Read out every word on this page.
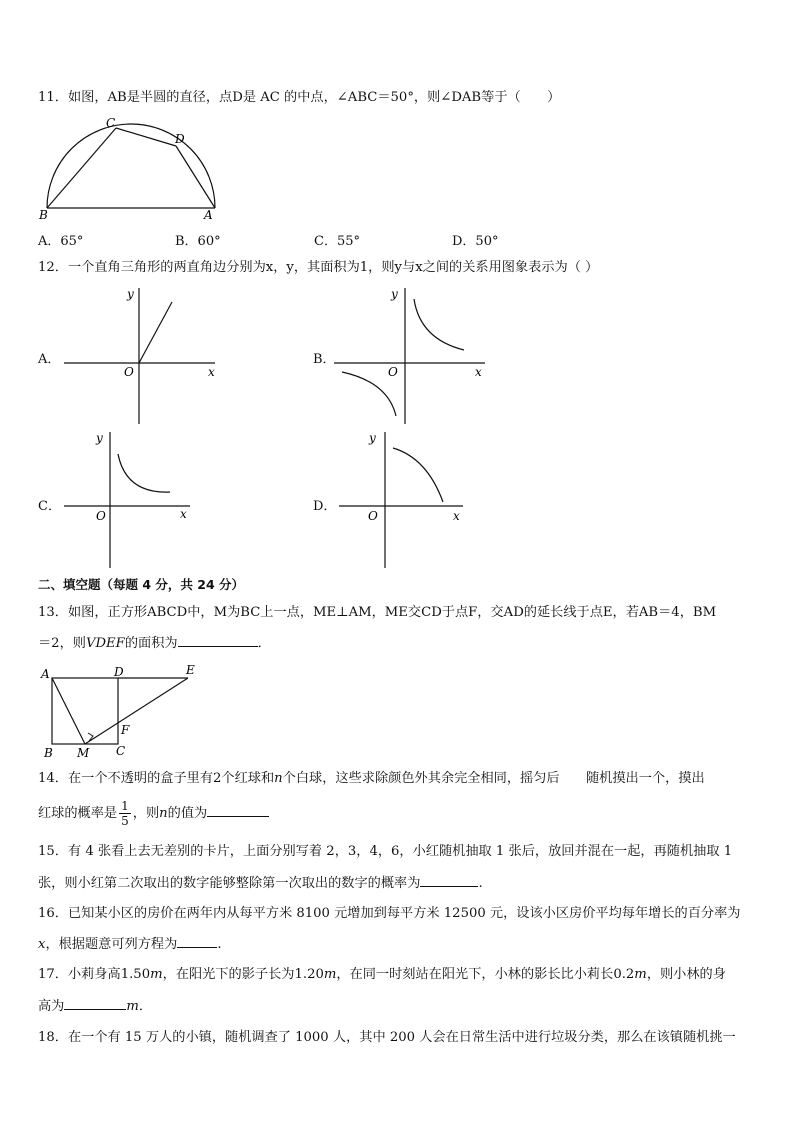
11．如图，AB是半圆的直径，点D是 AC 的中点，∠ABC＝50°，则∠DAB等于（　　）
C
D
B	A
A．65°	B．60°	C．55°	D．50°
12．一个直角三角形的两直角边分别为x，y，其面积为1，则y与x之间的关系用图象表示为（ ）
A．
y
O	x
B．
y
O	x
C．
y
O	x	D．
y
O	x
二、填空题（每题 4 分，共 24 分）
13．如图，正方形ABCD中，M为BC上一点，ME⊥AM，ME交CD于点F，交AD的延长线于点E，若AB＝4，BM
＝2，则VDEF的面积为	．
A	D	E
F
B M C
14．在一个不透明的盒子里有2个红球和n个白球，这些求除颜色外其余完全相同，摇匀后　　随机摸出一个，摸出
红球的概率是 $\frac{1}{5}$ ，则n的值为
15．有 4 张看上去无差别的卡片，上面分别写着 2，3，4，6，小红随机抽取 1 张后，放回并混在一起，再随机抽取 1
张，则小红第二次取出的数字能够整除第一次取出的数字的概率为	.
16．已知某小区的房价在两年内从每平方米 8100 元增加到每平方米 12500 元，设该小区房价平均每年增长的百分率为
x，根据题意可列方程为	.
17．小莉身高1.50m，在阳光下的影子长为1.20m，在同一时刻站在阳光下，小林的影长比小莉长0.2m，则小林的身
高为	m．
18．在一个有 15 万人的小镇，随机调查了 1000 人，其中 200 人会在日常生活中进行垃圾分类，那么在该镇随机挑一
